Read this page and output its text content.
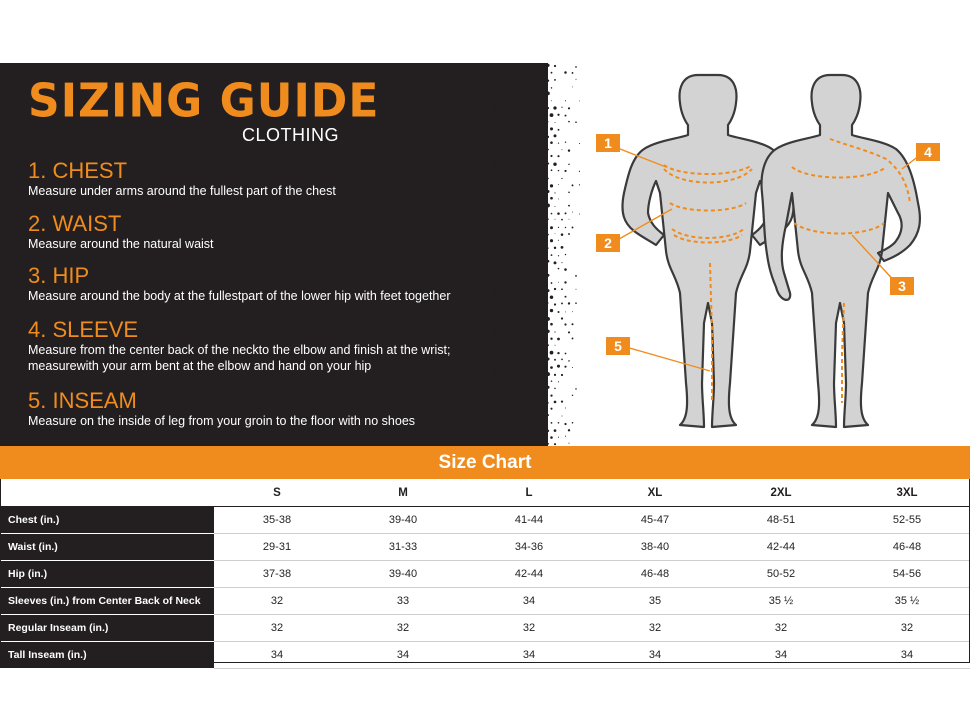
SIZING GUIDE
CLOTHING
1. CHEST
Measure under arms around the fullest part of the chest
2. WAIST
Measure around the natural waist
3. HIP
Measure around the body at the fullestpart of the lower hip with feet together
4. SLEEVE
Measure from the center back of the neckto the elbow and finish at the wrist;
measurewith your arm bent at the elbow and hand on your hip
5. INSEAM
Measure on the inside of leg from your groin to the floor with no shoes
1
2
3
4
5
Size Chart
	S	M	L	XL	2XL	3XL
Chest (in.)	35-38	39-40	41-44	45-47	48-51	52-55
Waist (in.)	29-31	31-33	34-36	38-40	42-44	46-48
Hip (in.)	37-38	39-40	42-44	46-48	50-52	54-56
Sleeves (in.) from Center Back of Neck	32	33	34	35	35 ½	35 ½
Regular Inseam (in.)	32	32	32	32	32	32
Tall Inseam (in.)	34	34	34	34	34	34
